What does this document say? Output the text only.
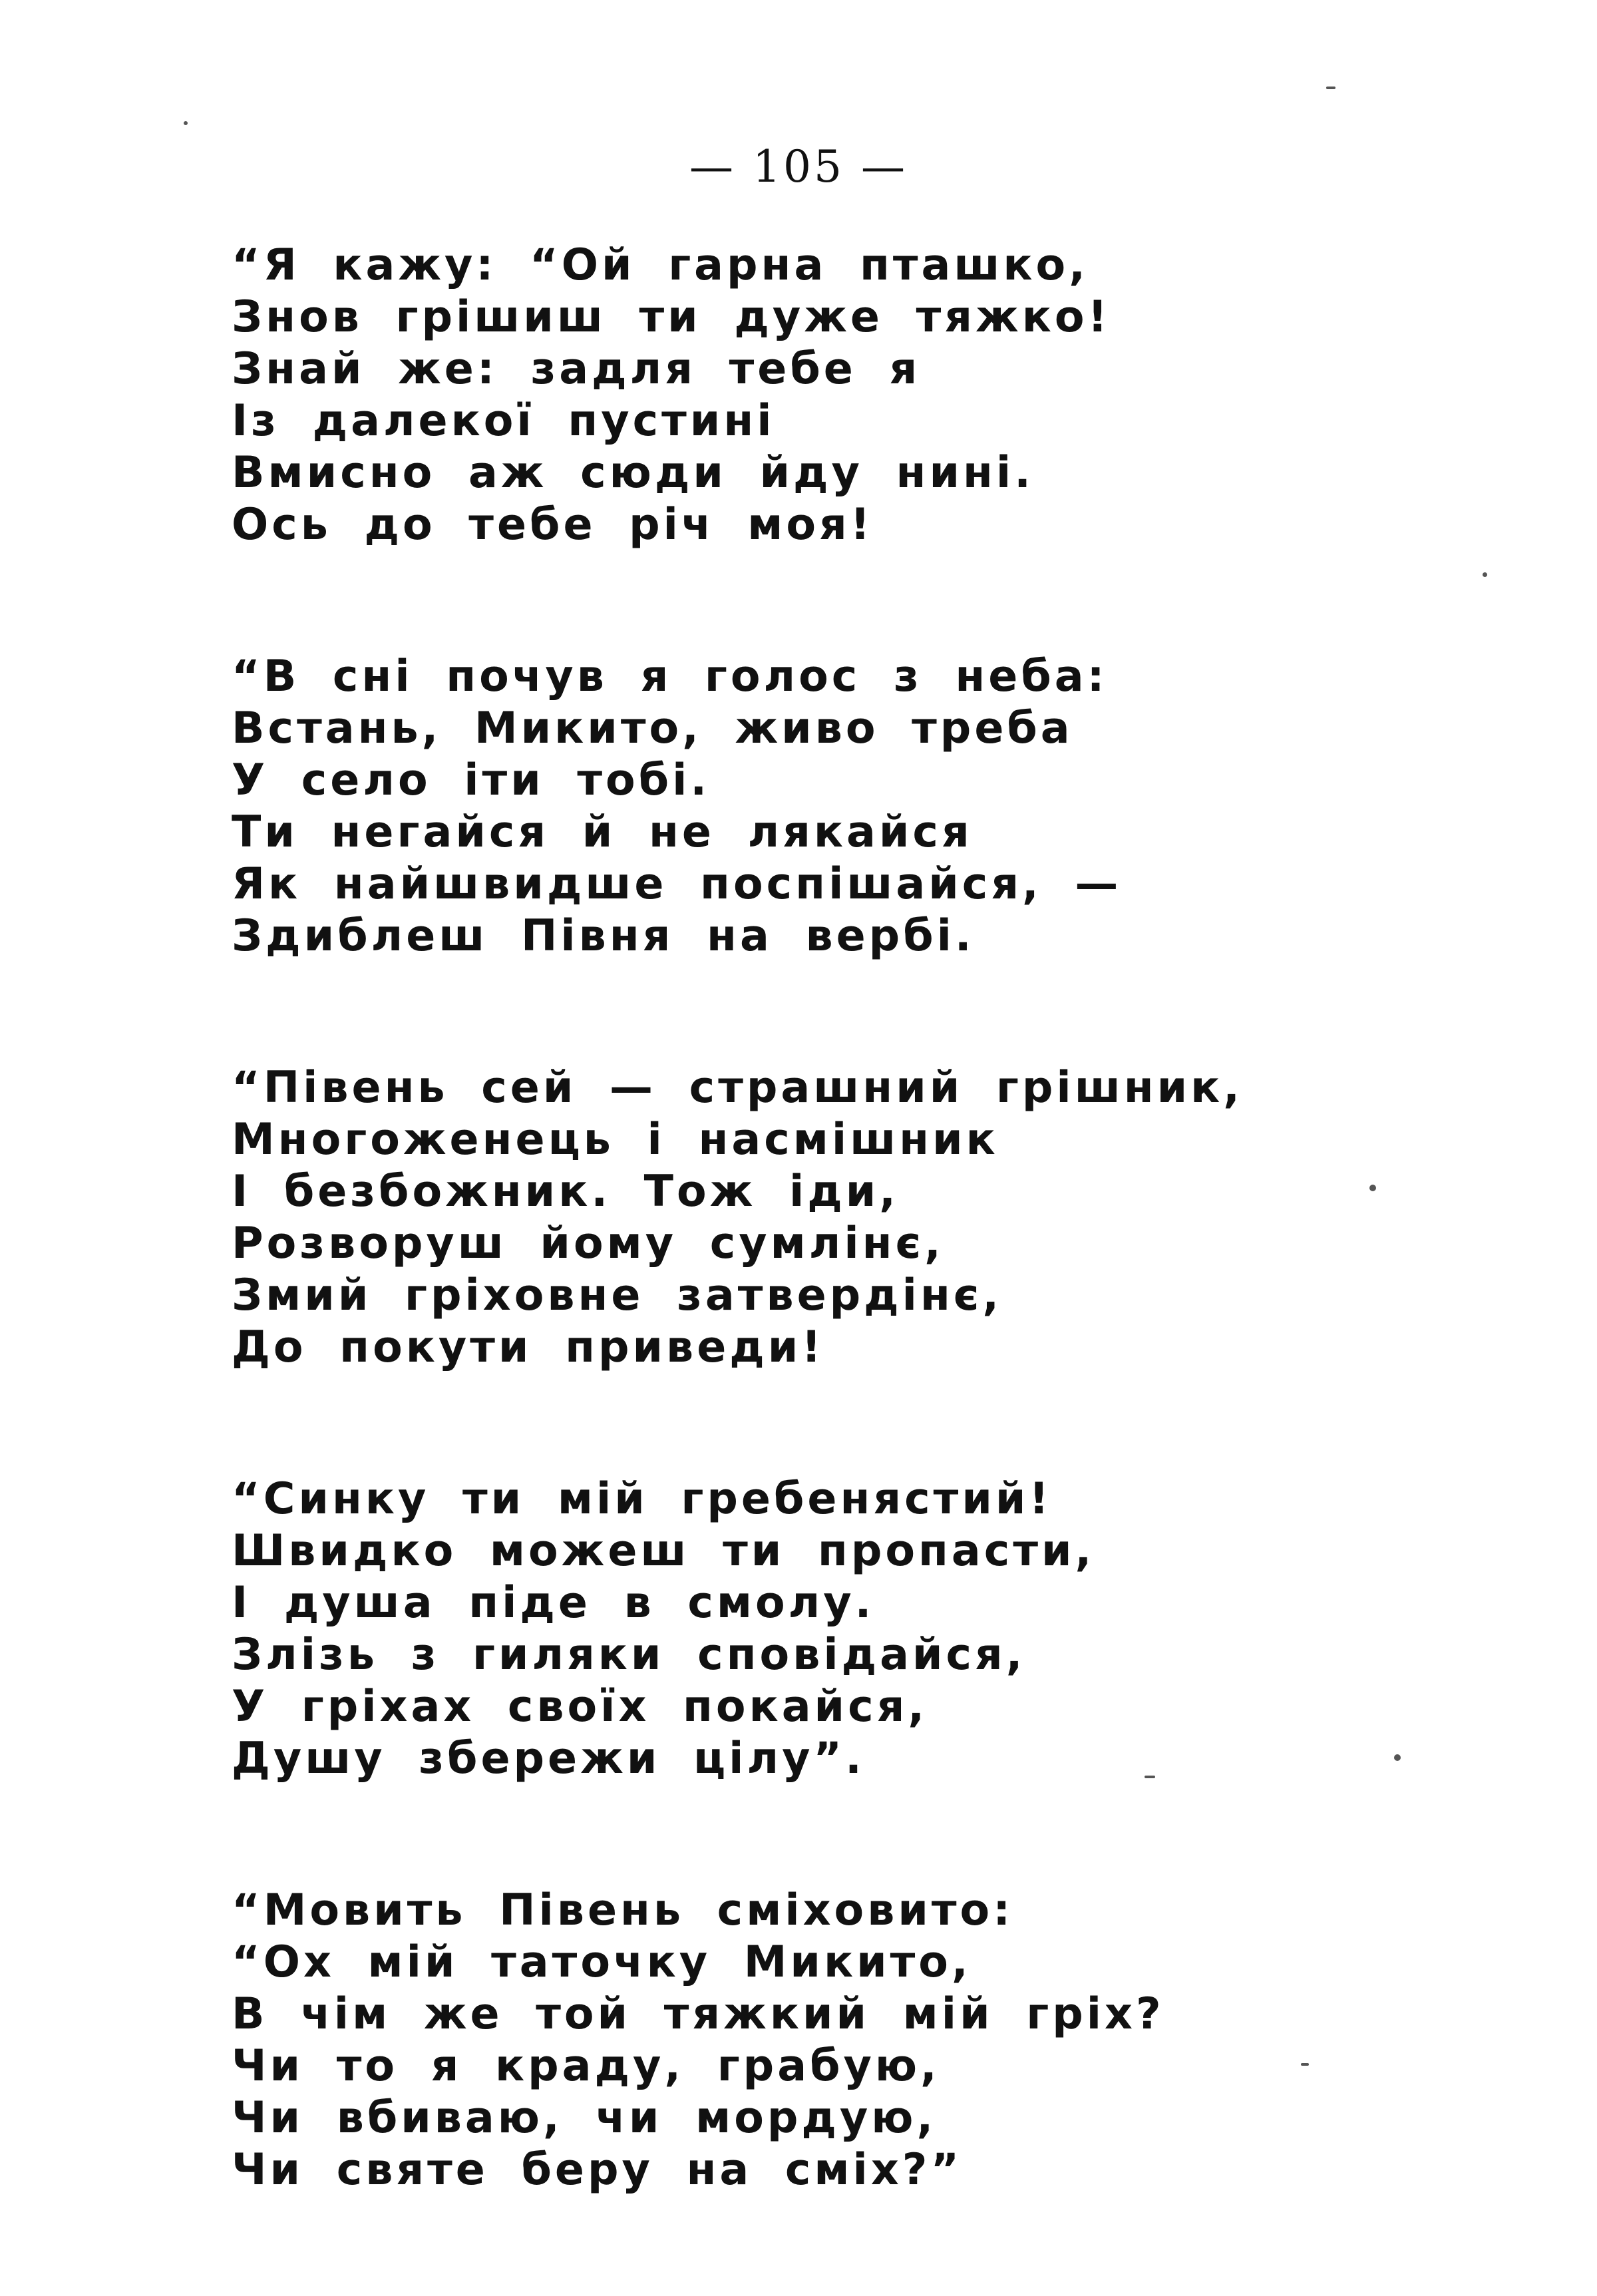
— 105 —
“Я кажу: “Ой гарна пташко,
Знов грішиш ти дуже тяжко!
Знай же: задля тебе я
Із далекої пустині
Вмисно аж сюди йду нині.
Ось до тебе річ моя!
“В сні почув я голос з неба:
Встань, Микито, живо треба
У село іти тобі.
Ти негайся й не лякайся
Як найшвидше поспішайся, —
Здиблеш Півня на вербі.
“Півень сей — страшний грішник,
Многоженець і насмішник
І безбожник. Тож іди,
Розворуш йому сумлінє,
Змий гріховне затвердінє,
До покути приведи!
“Синку ти мій гребенястий!
Швидко можеш ти пропасти,
І душа піде в смолу.
Злізь з гиляки сповідайся,
У гріхах своїх покайся,
Душу збережи цілу”.
“Мовить Півень сміховито:
“Ох мій таточку Микито,
В чім же той тяжкий мій гріх?
Чи то я краду, грабую,
Чи вбиваю, чи мордую,
Чи святе беру на сміх?”
